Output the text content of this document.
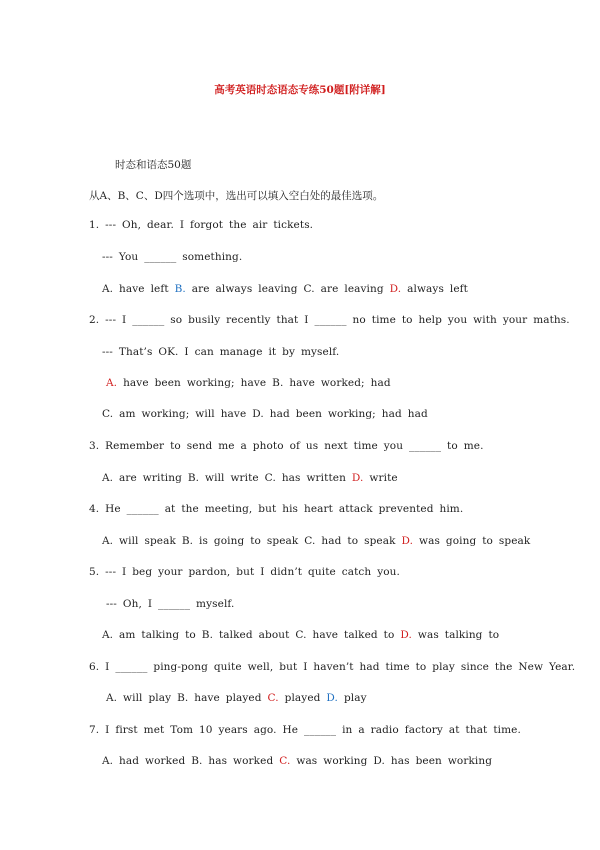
高考英语时态语态专练50题[附详解]
时态和语态50题
从A、B、C、D四个选项中，选出可以填入空白处的最佳选项。
1. --- Oh, dear. I forgot the air tickets.
--- You ______ something.
A. have left B. are always leaving C. are leaving D. always left
2. --- I ______ so busily recently that I ______ no time to help you with your maths.
--- That’s OK. I can manage it by myself.
A. have been working; have B. have worked; had
C. am working; will have D. had been working; had had
3. Remember to send me a photo of us next time you ______ to me.
A. are writing B. will write C. has written D. write
4. He ______ at the meeting, but his heart attack prevented him.
A. will speak B. is going to speak C. had to speak D. was going to speak
5. --- I beg your pardon, but I didn’t quite catch you.
--- Oh, I ______ myself.
A. am talking to B. talked about C. have talked to D. was talking to
6. I ______ ping-pong quite well, but I haven’t had time to play since the New Year.
A. will play B. have played C. played D. play
7. I first met Tom 10 years ago. He ______ in a radio factory at that time.
A. had worked B. has worked C. was working D. has been working
